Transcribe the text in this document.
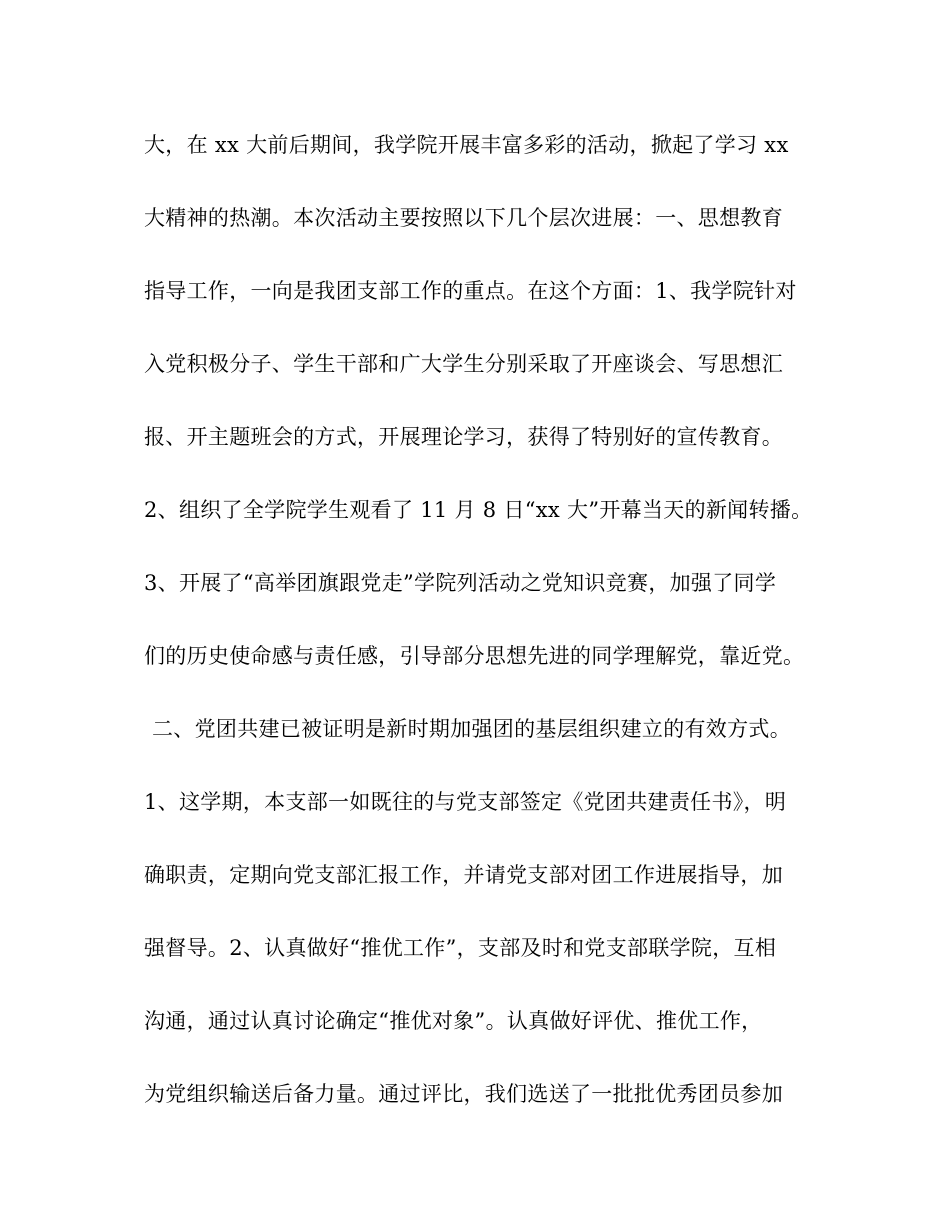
大，在 xx 大前后期间，我学院开展丰富多彩的活动，掀起了学习 xx
大精神的热潮。本次活动主要按照以下几个层次进展：一、思想教育
指导工作，一向是我团支部工作的重点。在这个方面：1、我学院针对
入党积极分子、学生干部和广大学生分别采取了开座谈会、写思想汇
报、开主题班会的方式，开展理论学习，获得了特别好的宣传教育。
2、组织了全学院学生观看了 11 月 8 日“xx 大”开幕当天的新闻转播。
3、开展了“高举团旗跟党走”学院列活动之党知识竞赛，加强了同学
们的历史使命感与责任感，引导部分思想先进的同学理解党，靠近党。
二、党团共建已被证明是新时期加强团的基层组织建立的有效方式。
1、这学期，本支部一如既往的与党支部签定《党团共建责任书》，明
确职责，定期向党支部汇报工作，并请党支部对团工作进展指导，加
强督导。2、认真做好“推优工作”，支部及时和党支部联学院，互相
沟通，通过认真讨论确定“推优对象”。认真做好评优、推优工作，
为党组织输送后备力量。通过评比，我们选送了一批批优秀团员参加
